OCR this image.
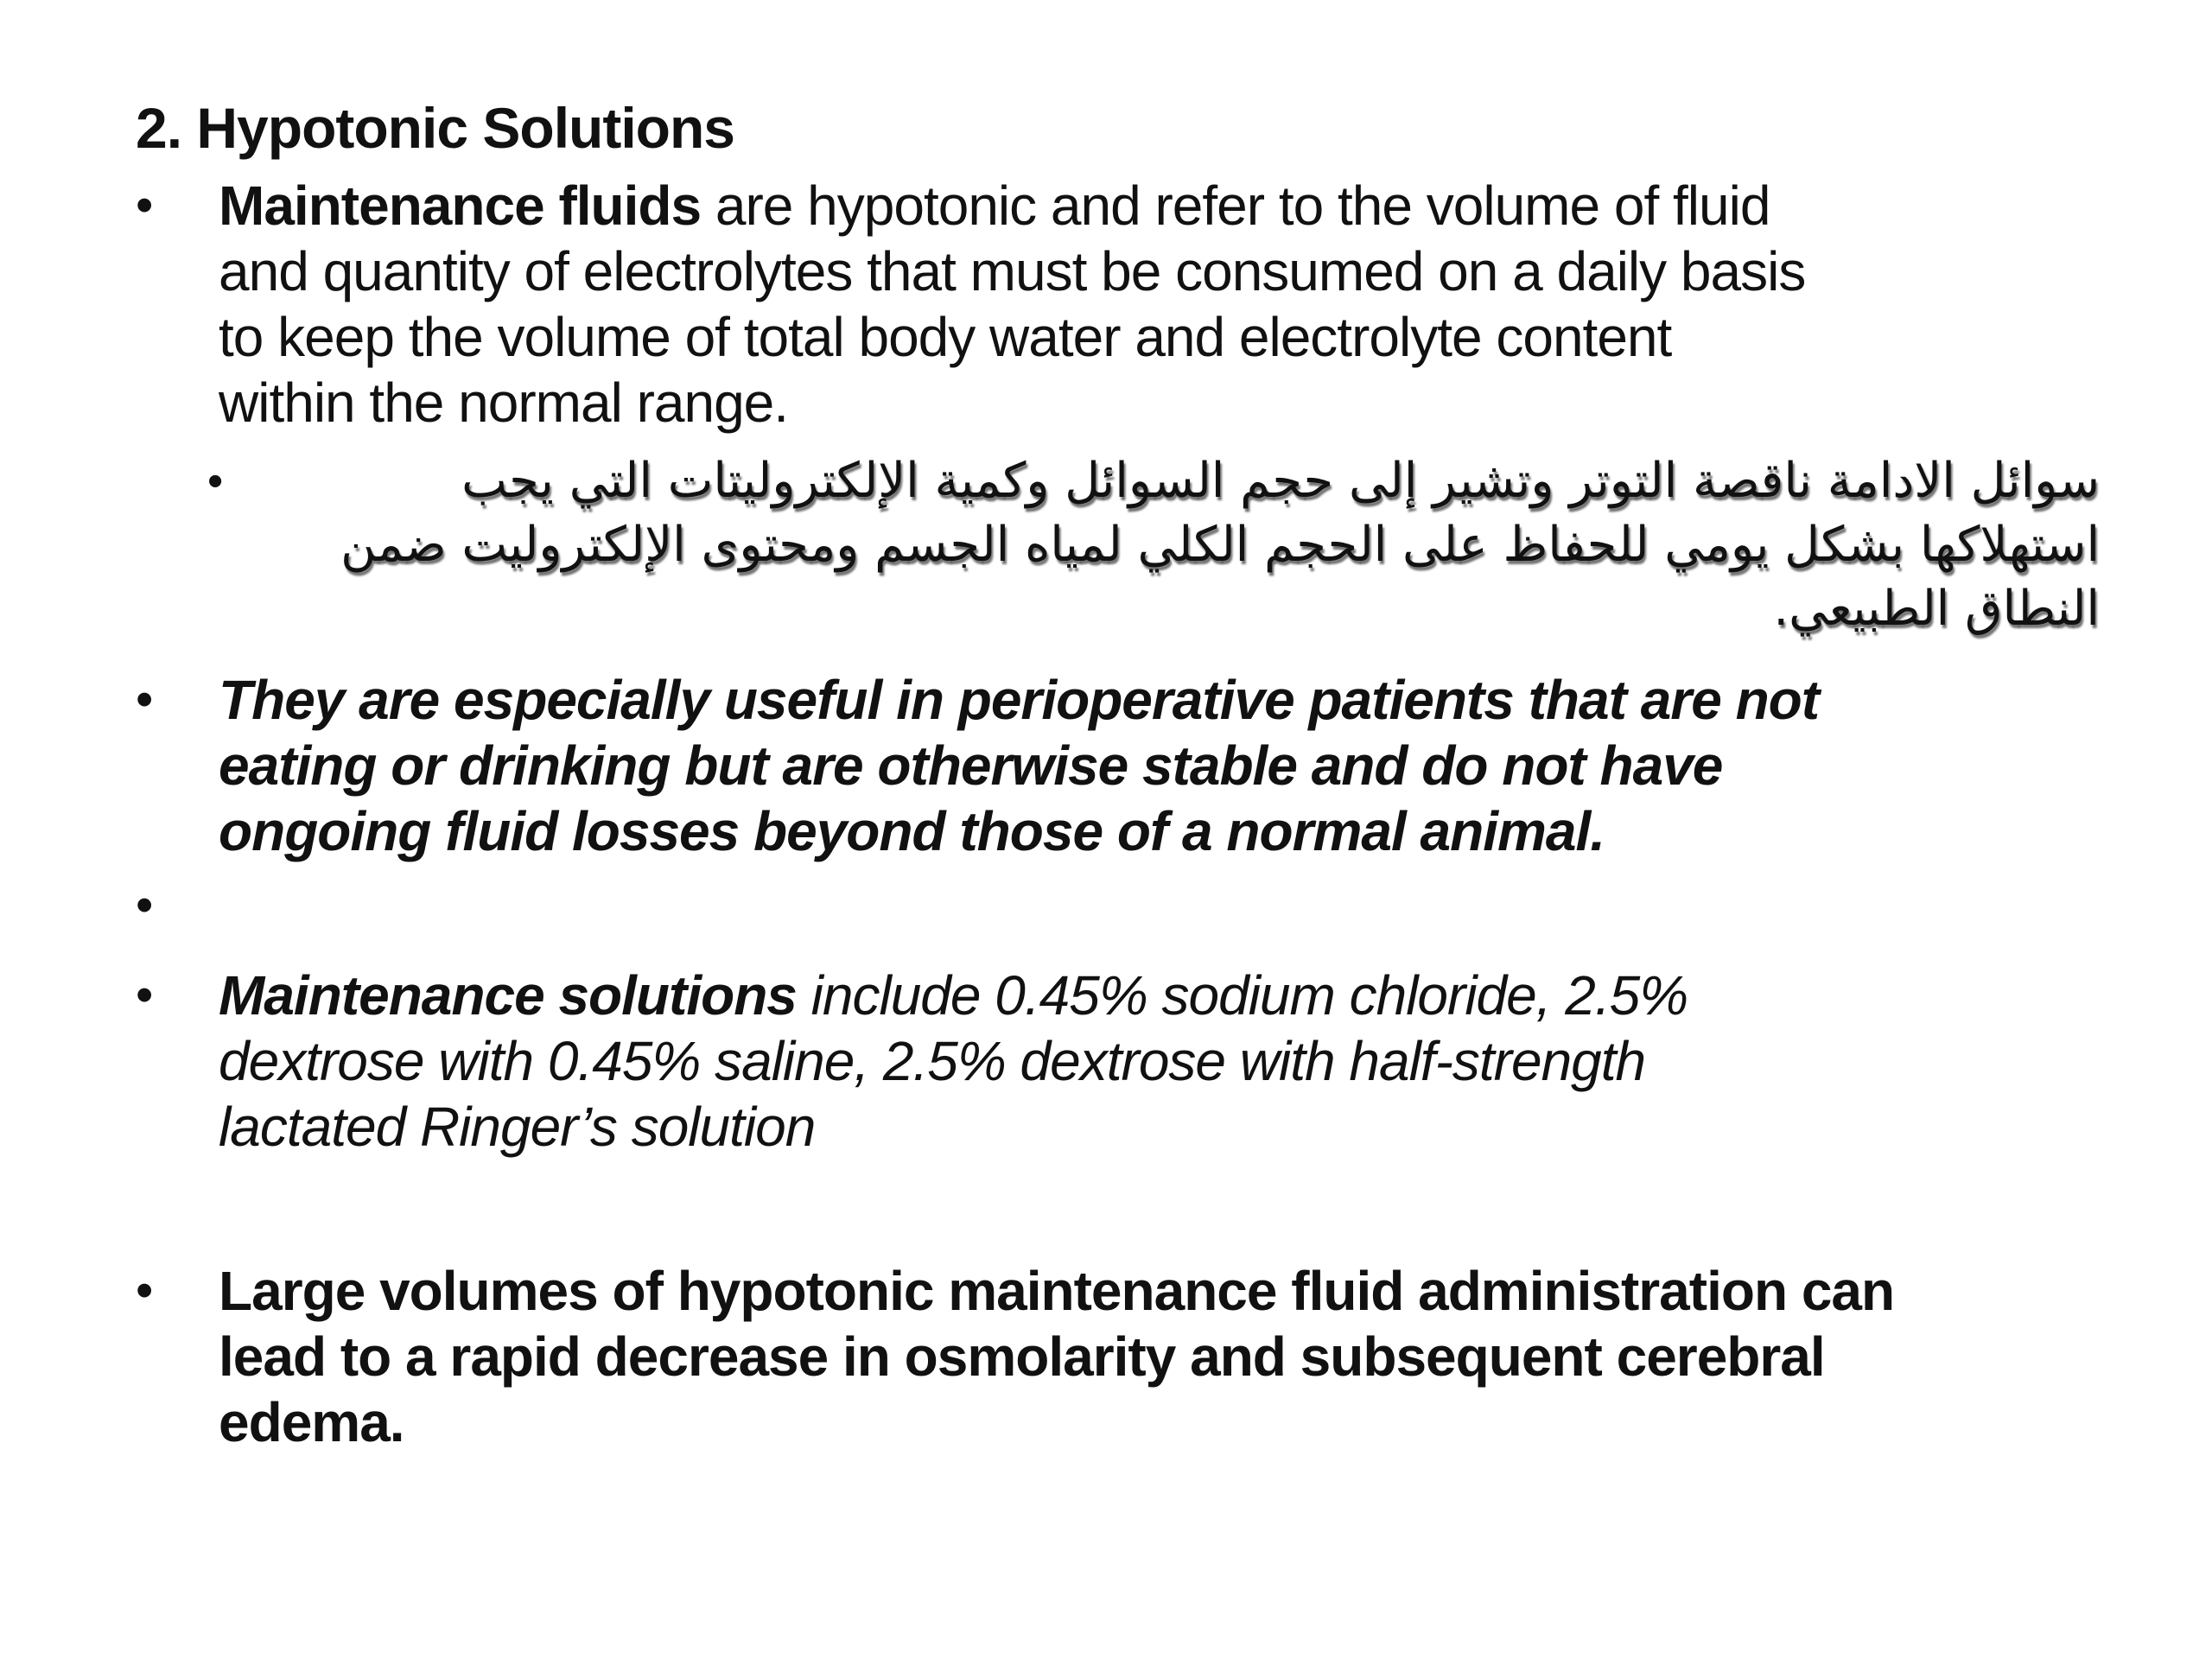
2. Hypotonic Solutions
•	Maintenance fluids are hypotonic and refer to the volume of fluid
and quantity of electrolytes that must be consumed on a daily basis
to keep the volume of total body water and electrolyte content
within the normal range.
•	سوائل الادامة ناقصة التوتر وتشير إلى حجم السوائل وكمية الإلكتروليتات التي يجب
استهلاكها بشكل يومي للحفاظ على الحجم الكلي لمياه الجسم ومحتوى الإلكتروليت ضمن
النطاق الطبيعي.
•	They are especially useful in perioperative patients that are not
eating or drinking but are otherwise stable and do not have
ongoing fluid losses beyond those of a normal animal.
•
•	Maintenance solutions include 0.45% sodium chloride, 2.5%
dextrose with 0.45% saline, 2.5% dextrose with half-strength
lactated Ringer’s solution
•	Large volumes of hypotonic maintenance fluid administration can
lead to a rapid decrease in osmolarity and subsequent cerebral
edema.
